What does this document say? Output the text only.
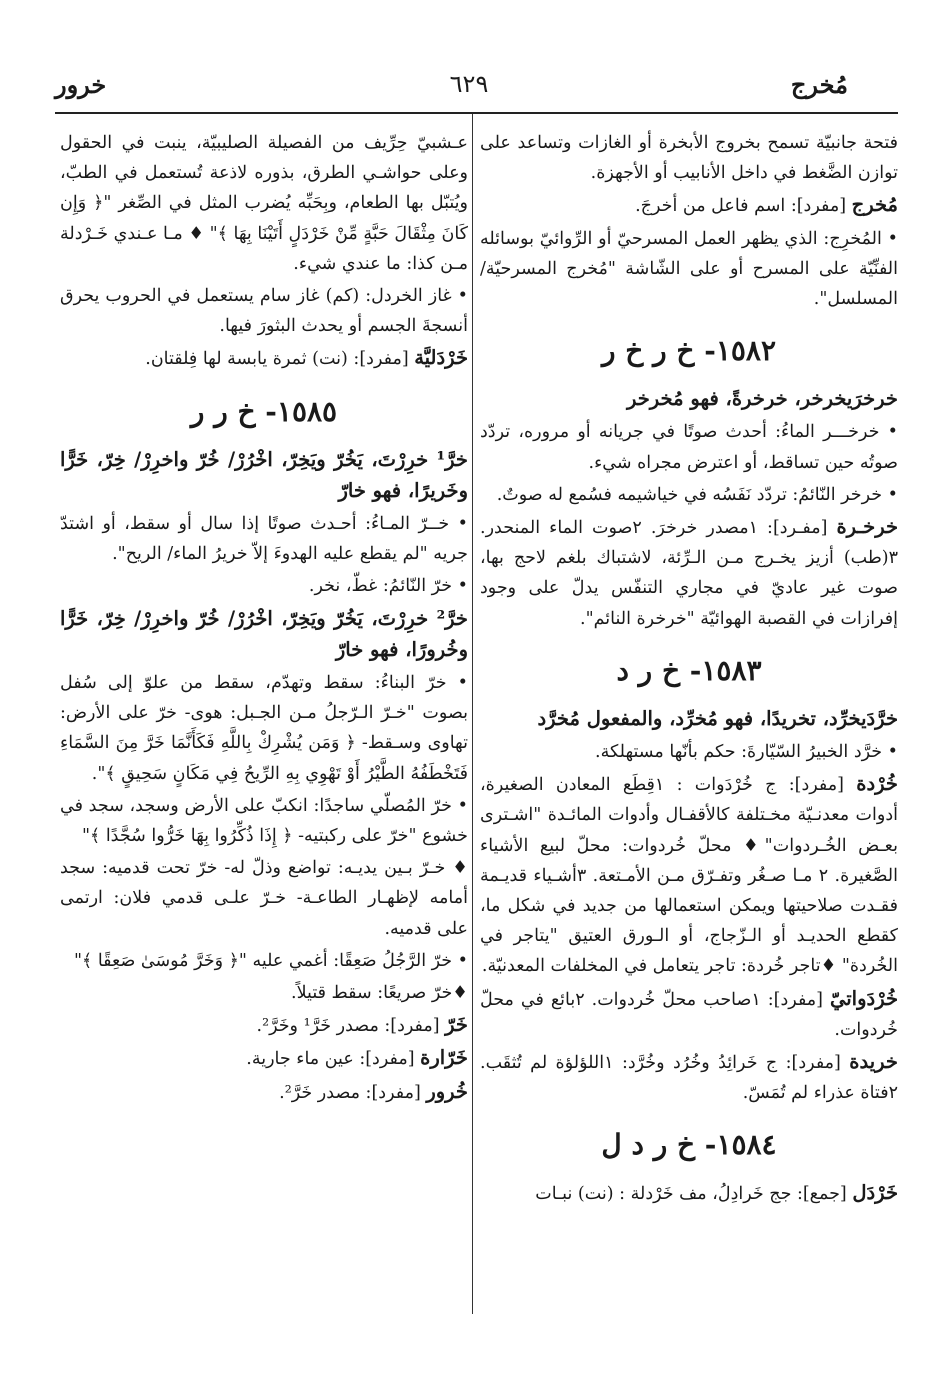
مُخرج
٦٢٩
خرور

فتحة جانبيّة تسمح بخروج الأبخرة أو الغازات وتساعد على توازن الضَّغط في داخل الأنابيب أو الأجهزة.

مُخرج [مفرد]: اسم فاعل من أخرجَ.

• المُخرِج: الذي يظهر العمل المسرحيّ أو الرِّوائيّ بوسائله الفنِّيّة على المسرح أو على الشّاشة "مُخرج المسرحيّة/ المسلسل".

١٥٨٢- خ ر خ ر

خرخرَيخرخر، خرخرةً، فهو مُخرخر

• خرخـــر الماءُ: أحدث صوتًا في جريانه أو مروره، تردّد صوتُه حين تساقط، أو اعترض مجراه شيء.

• خرخر النّائمُ: تردّد نَفَسُه في خياشيمه فسُمع له صوتٌ.

خرخـرة [مفـرد]: ١مصدر خرخرَ. ٢صوت الماء المنحدر. ٣(طب) أزيز يخـرج مـن الـرِّئة، لاشتباك بلغم لاحج بها، صوت غير عاديّ في مجاري التنفّس يدلّ على وجود إفرازات في القصبة الهوائيّة "خرخرة النائم".

١٥٨٣- خ ر د

خرَّدَيخرِّد، تخريدًا، فهو مُخرِّد، والمفعول مُخرَّد

• خرَّد الخبيرُ السّيّارةَ: حكم بأنّها مستهلكة.

خُرْدة [مفرد]: ج خُرْدَوات : ١قِطَع المعادن الصغيرة، أدوات معدنـيّة مخـتلفة كالأقفـال وأدوات المائـدة "اشـترى بعـض الخُـردوات"♦ محلّ خُردوات: محلّ لبيع الأشياء الصَّغيرة. ٢ مـا صـغُر وتفـرّق مـن الأمـتعة. ٣أشـياء قديـمة فقـدت صلاحيتها ويمكن استعمالها من جديد في شكل ما، كقطع الحديـد أو الـزّجاج، أو الـورق العتيق "يتاجر في الخُردة" ♦تاجر خُردة: تاجر يتعامل في المخلفات المعدنيّة.

خُرْدَواتيّ [مفرد]: ١صاحب محلّ خُردوات. ٢بائع في محلّ خُردوات.

خريدة [مفرد]: ج خَرائِدُ وخُرُد وخُرَّد: ١اللؤلؤة لم تُثقَب. ٢فتاة عذراء لم تُمَسّ.

١٥٨٤- خ ر د ل

خَرْدَل [جمع]: جج خَرادِلُ، مف خَرْدلة : (نت) نبـات

عـشبيّ حِرِّيف من الفصيلة الصليبيّة، ينبت في الحقول وعلى حواشـي الطرق، بذوره لاذعة تُستعمل في الطبّ، ويُتبّل بها الطعام، وبِحَبِّه يُضرب المثل في الصِّغر "﴿ وَإِن كَانَ مِثْقَالَ حَبَّةٍ مِّنْ خَرْدَلٍ أَتَيْنَا بِهَا ﴾" ♦ مـا عـندي خَـرْدلة مـن كذا: ما عندي شيء.

• غاز الخردل: (كم) غاز سام يستعمل في الحروب يحرق أنسجةَ الجسم أو يحدث البثورَ فيها.

خَرْدَليَّة [مفرد]: (نت) ثمرة يابسة لها فِلقتان.

١٥٨٥- خ ر ر

خرَّ¹ خرِرْتَ، يَخُرّ ويَخِرّ، اخْرُرْ/ خُرّ واخرِرْ/ خِرّ، خَرًّا وخَريرًا، فهو خارّ

• خــرّ المـاءُ: أحـدث صوتًا إذا سال أو سقط، أو اشتدّ جريه "لم يقطع عليه الهدوءَ إلاّ خريرُ الماء/ الريح".

• خرّ النّائمُ: غطّ، نخر.

خرَّ² خرِرْتَ، يَخُرّ ويَخِرّ، اخْرُرْ/ خُرّ واخرِرْ/ خِرّ، خَرًّا وخُرورًا، فهو خارّ

• خرّ البناءُ: سقط وتهدّم، سقط من علوّ إلى سُفل بصوت "خـرّ الـرّجلُ مـن الجـبل: هوى- خرّ على الأرض: تهاوى وسـقط- ﴿ وَمَن يُشْرِكْ بِاللَّهِ فَكَأَنَّمَا خَرَّ مِنَ السَّمَاءِ فَتَخْطَفُهُ الطَّيْرُ أَوْ تَهْوِي بِهِ الرِّيحُ فِي مَكَانٍ سَحِيقٍ ﴾".

• خرّ المُصلّي ساجدًا: انكبّ على الأرض وسجد، سجد في خشوع "خرّ على ركبتيه- ﴿ إِذَا ذُكِّرُوا بِهَا خَرُّوا سُجَّدًا ﴾"

♦ خـرّ بـين يديـه: تواضع وذلّ له- خرّ تحت قدميه: سجد أمامه لإظهـار الطاعـة- خـرّ علـى قدمي فلان: ارتمى على قدميه.

• خرّ الرَّجُلُ صَعِقًا: أغمي عليه "﴿ وَخَرَّ مُوسَىٰ صَعِقًا ﴾"

♦خرّ صريعًا: سقط قتيلاً.

خَرّ [مفرد]: مصدر خَرَّ¹ وخَرَّ².

خَرّارة [مفرد]: عين ماء جارية.

خُرور [مفرد]: مصدر خَرَّ².
